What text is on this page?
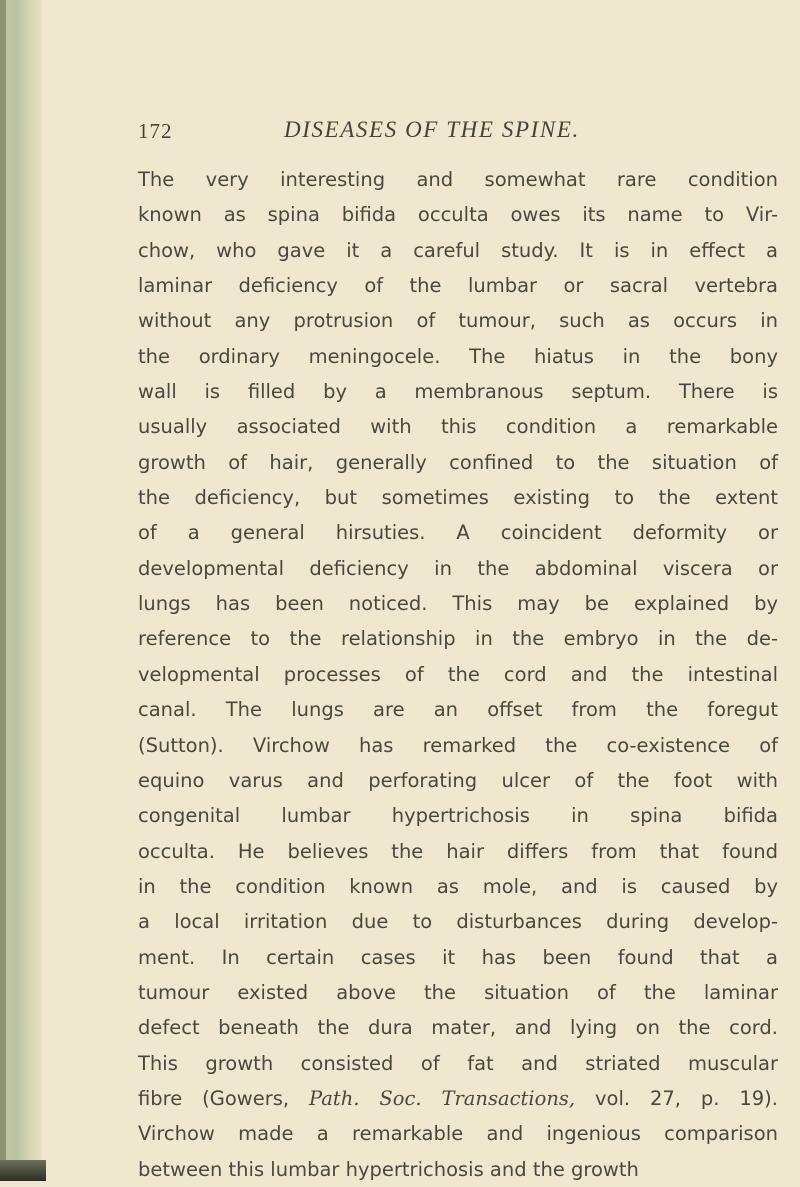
172	DISEASES OF THE SPINE.
The very interesting and somewhat rare condition
known as spina bifida occulta owes its name to Vir-
chow, who gave it a careful study. It is in effect a
laminar deficiency of the lumbar or sacral vertebra
without any protrusion of tumour, such as occurs in
the ordinary meningocele. The hiatus in the bony
wall is filled by a membranous septum. There is
usually associated with this condition a remarkable
growth of hair, generally confined to the situation of
the deficiency, but sometimes existing to the extent
of a general hirsuties. A coincident deformity or
developmental deficiency in the abdominal viscera or
lungs has been noticed. This may be explained by
reference to the relationship in the embryo in the de-
velopmental processes of the cord and the intestinal
canal. The lungs are an offset from the foregut
(Sutton). Virchow has remarked the co-existence of
equino varus and perforating ulcer of the foot with
congenital lumbar hypertrichosis in spina bifida
occulta. He believes the hair differs from that found
in the condition known as mole, and is caused by
a local irritation due to disturbances during develop-
ment. In certain cases it has been found that a
tumour existed above the situation of the laminar
defect beneath the dura mater, and lying on the cord.
This growth consisted of fat and striated muscular
fibre (Gowers, Path. Soc. Transactions, vol. 27, p. 19).
Virchow made a remarkable and ingenious comparison
between this lumbar hypertrichosis and the growth
